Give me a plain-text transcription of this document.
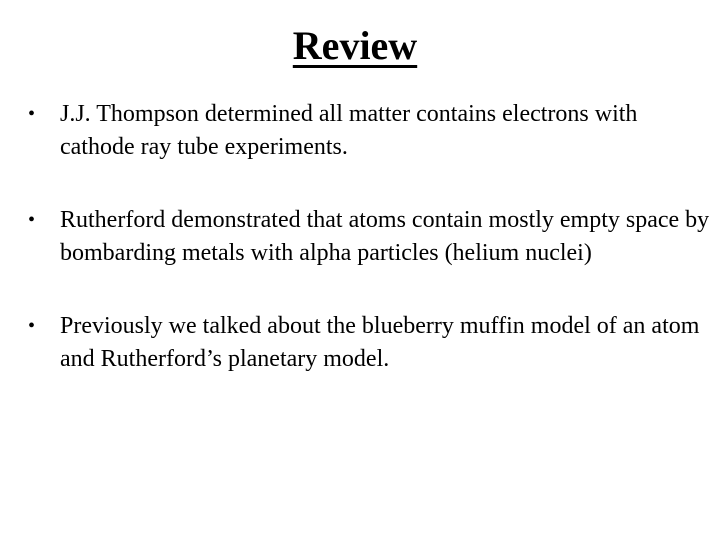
Review
• J.J. Thompson determined all matter contains electrons with cathode ray tube experiments.
• Rutherford demonstrated that atoms contain mostly empty space by bombarding metals with alpha particles (helium nuclei)
• Previously we talked about the blueberry muffin model of an atom and Rutherford’s planetary model.
